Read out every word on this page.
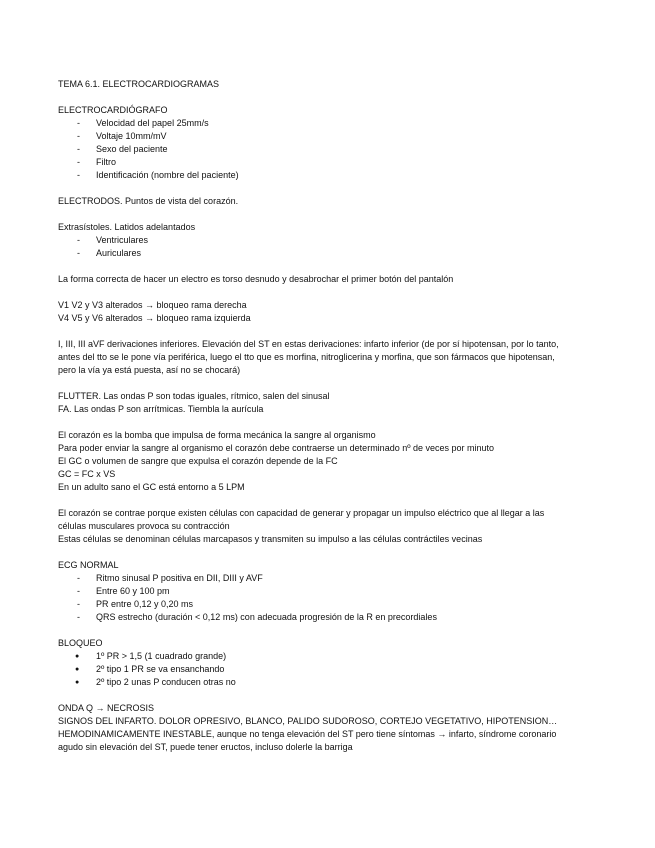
TEMA 6.1. ELECTROCARDIOGRAMAS

ELECTROCARDIÓGRAFO

- Velocidad del papel 25mm/s
- Voltaje 10mm/mV
- Sexo del paciente
- Filtro
- Identificación (nombre del paciente)

ELECTRODOS. Puntos de vista del corazón.

Extrasístoles. Latidos adelantados

- Ventriculares
- Auriculares

La forma correcta de hacer un electro es torso desnudo y desabrochar el primer botón del pantalón

V1 V2 y V3 alterados → bloqueo rama derecha

V4 V5 y V6 alterados → bloqueo rama izquierda

I, III, III aVF derivaciones inferiores. Elevación del ST en estas derivaciones: infarto inferior (de por sí hipotensan, por lo tanto,

antes del tto se le pone vía periférica, luego el tto que es morfina, nitroglicerina y morfina, que son fármacos que hipotensan,

pero la vía ya está puesta, así no se chocará)

FLUTTER. Las ondas P son todas iguales, rítmico, salen del sinusal

FA. Las ondas P son arrítmicas. Tiembla la aurícula

El corazón es la bomba que impulsa de forma mecánica la sangre al organismo

Para poder enviar la sangre al organismo el corazón debe contraerse un determinado nº de veces por minuto

El GC o volumen de sangre que expulsa el corazón depende de la FC

GC = FC x VS

En un adulto sano el GC está entorno a 5 LPM

El corazón se contrae porque existen células con capacidad de generar y propagar un impulso eléctrico que al llegar a las

células musculares provoca su contracción

Estas células se denominan células marcapasos y transmiten su impulso a las células contráctiles vecinas

ECG NORMAL

- Ritmo sinusal P positiva en DII, DIII y AVF
- Entre 60 y 100 pm
- PR entre 0,12 y 0,20 ms
- QRS estrecho (duración < 0,12 ms) con adecuada progresión de la R en precordiales

BLOQUEO

● 1º PR > 1,5 (1 cuadrado grande)
● 2º tipo 1 PR se va ensanchando
● 2º tipo 2 unas P conducen otras no

ONDA Q → NECROSIS

SIGNOS DEL INFARTO. DOLOR OPRESIVO, BLANCO, PALIDO SUDOROSO, CORTEJO VEGETATIVO, HIPOTENSION…

HEMODINAMICAMENTE INESTABLE, aunque no tenga elevación del ST pero tiene síntomas → infarto, síndrome coronario

agudo sin elevación del ST, puede tener eructos, incluso dolerle la barriga
